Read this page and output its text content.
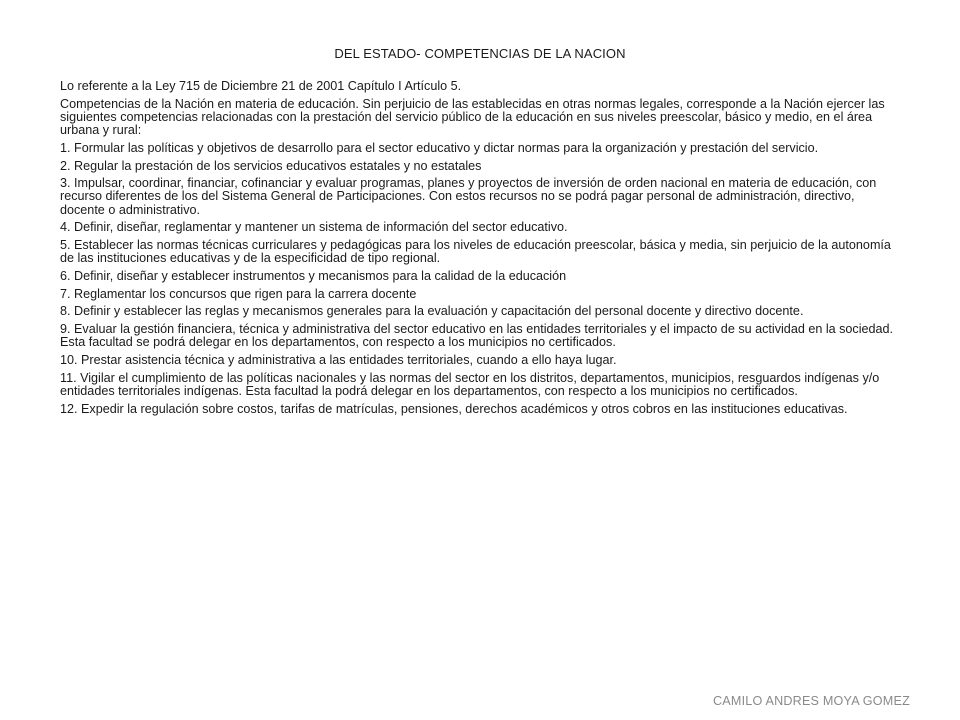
DEL ESTADO- COMPETENCIAS DE LA NACION

Lo referente a la Ley 715 de Diciembre 21 de 2001 Capítulo I Artículo 5.

Competencias de la Nación en materia de educación. Sin perjuicio de las establecidas en otras normas legales, corresponde a la Nación ejercer las siguientes competencias relacionadas con la prestación del servicio público de la educación en sus niveles preescolar, básico y medio, en el área urbana y rural:

1. Formular las políticas y objetivos de desarrollo para el sector educativo y dictar normas para la organización y prestación del servicio.

2. Regular la prestación de los servicios educativos estatales y no estatales

3. Impulsar, coordinar, financiar, cofinanciar y evaluar programas, planes y proyectos de inversión de orden nacional en materia de educación, con recurso diferentes de los del Sistema General de Participaciones. Con estos recursos no se podrá pagar personal de administración, directivo, docente o administrativo.

4. Definir, diseñar, reglamentar y mantener un sistema de información del sector educativo.

5. Establecer las normas técnicas curriculares y pedagógicas para los niveles de educación preescolar, básica y media, sin perjuicio de la autonomía de las instituciones educativas y de la especificidad de tipo regional.

6. Definir, diseñar y establecer instrumentos y mecanismos para la calidad de la educación

7. Reglamentar los concursos que rigen para la carrera docente

8. Definir y establecer las reglas y mecanismos generales para la evaluación y capacitación del personal docente y directivo docente.

9. Evaluar la gestión financiera, técnica y administrativa del sector educativo en las entidades territoriales y el impacto de su actividad en la sociedad. Esta facultad se podrá delegar en los departamentos, con respecto a los municipios no certificados.

10. Prestar asistencia técnica y administrativa a las entidades territoriales, cuando a ello haya lugar.

11. Vigilar el cumplimiento de las políticas nacionales y las normas del sector en los distritos, departamentos, municipios, resguardos indígenas y/o entidades territoriales indígenas. Esta facultad la podrá delegar en los departamentos, con respecto a los municipios no certificados.

12. Expedir la regulación sobre costos, tarifas de matrículas, pensiones, derechos académicos y otros cobros en las instituciones educativas.

CAMILO ANDRES MOYA GOMEZ
